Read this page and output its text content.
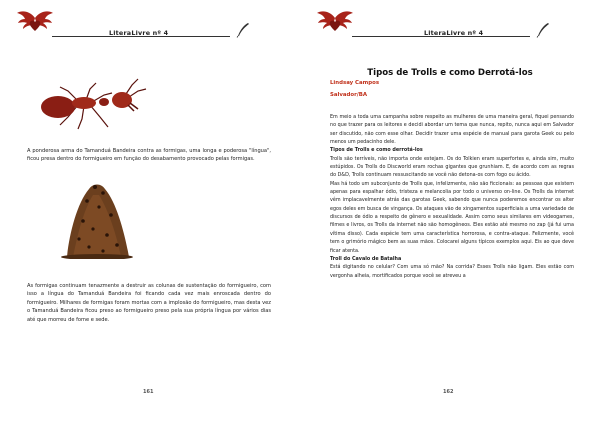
LiteraLivre nº 4

A ponderosa arma do Tamanduá Bandeira contra as formigas, uma longa e poderosa "língua", ficou presa dentro do formigueiro em função do desabamento provocado pelas formigas.

As formigas continuam tenazmente a destruir as colunas de sustentação do formigueiro, com isso a língua do Tamanduá Bandeira foi ficando cada vez mais enroscada dentro do formigueiro. Milhares de formigas foram mortas com a implosão do formigueiro, mas desta vez o Tamanduá Bandeira ficou preso ao formigueiro preso pela sua própria língua por vários dias até que morreu de fome e sede.

161
LiteraLivre nº 4
Tipos de Trolls e como Derrotá-los
Lindsay Campos
Salvador/BA

Em meio a toda uma campanha sobre respeito as mulheres de uma maneira geral, fiquei pensando no que trazer para os leitores e decidi abordar um tema que nunca, repito, nunca aqui em Salvador ser discutido, não com esse olhar. Decidir trazer uma espécie de manual para garota Geek ou pelo menos um pedacinho dele.

Tipos de Trolls e como derrotá-los

Trolls são terríveis, não importa onde estejam. Os do Tolkien eram superfortes e, ainda sim, muito estúpidos. Os Trolls do Discworld eram rochas gigantes que grunhiam. E, de acordo com as regras do D&D, Trolls continuam ressuscitando se você não detona-os com fogo ou ácido.

Mas há todo um subconjunto de Trolls que, infelizmente, não são ficcionais: as pessoas que existem apenas para espalhar ódio, tristeza e melancolia por todo o universo on-line. Os Trolls da internet vêm implacavelmente atrás das garotas Geek, sabendo que nunca poderemos encontrar os alter egos deles em busca de vingança. Os ataques vão de xingamentos superficiais a uma variedade de discursos de ódio a respeito de gênero e sexualidade. Assim como seus similares em videogames, filmes e livros, os Trolls da internet não são homogêneos. Eles estão até mesmo no zap (já fui uma vítima disso). Cada espécie tem uma característica horrorosa, e contra-ataque. Felizmente, você tem o grimório mágico bem as suas mãos. Colocarei alguns típicos exemplos aqui. Eis ao que deve ficar atenta.

Troll do Cavalo de Batalha

Está digitando no celular? Com uma só mão? Na corrida? Esses Trolls não ligam. Eles estão com vergonha alheia, mortificados porque você se atreveu a

162
